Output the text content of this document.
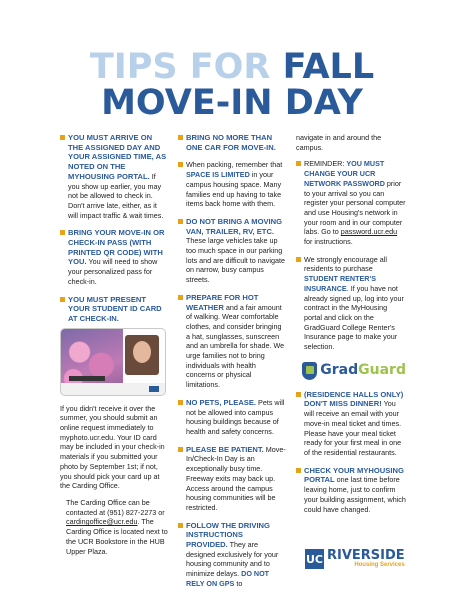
TIPS FOR FALL
MOVE-IN DAY
YOU MUST ARRIVE ON THE ASSIGNED DAY AND YOUR ASSIGNED TIME, AS NOTED ON THE MYHOUSING PORTAL. If you show up earlier, you may not be allowed to check in. Don't arrive late, either, as it will impact traffic & wait times.
BRING YOUR MOVE-IN OR CHECK-IN PASS (WITH PRINTED QR CODE) WITH YOU. You will need to show your personalized pass for check-in.
YOU MUST PRESENT YOUR STUDENT ID CARD AT CHECK-IN.

If you didn't receive it over the summer, you should submit an online request immediately to myphoto.ucr.edu. Your ID card may be included in your check-in materials if you submitted your photo by September 1st; if not, you should pick your card up at the Carding Office.

The Carding Office can be contacted at (951) 827-2273 or cardingoffice@ucr.edu. The Carding Office is located next to the UCR Bookstore in the HUB Upper Plaza.

BRING NO MORE THAN ONE CAR FOR MOVE-IN.
When packing, remember that SPACE IS LIMITED in your campus housing space. Many families end up having to take items back home with them.
DO NOT BRING A MOVING VAN, TRAILER, RV, ETC. These large vehicles take up too much space in our parking lots and are difficult to navigate on narrow, busy campus streets.
PREPARE FOR HOT WEATHER and a fair amount of walking. Wear comfortable clothes, and consider bringing a hat, sunglasses, sunscreen and an umbrella for shade. We urge families not to bring individuals with health concerns or physical limitations.
NO PETS, PLEASE. Pets will not be allowed into campus housing buildings because of health and safety concerns.
PLEASE BE PATIENT. Move-In/Check-In Day is an exceptionally busy time. Freeway exits may back up. Access around the campus housing communities will be restricted.
FOLLOW THE DRIVING INSTRUCTIONS PROVIDED. They are designed exclusively for your housing community and to minimize delays. DO NOT RELY ON GPS to

navigate in and around the campus.

REMINDER: YOU MUST CHANGE YOUR UCR NETWORK PASSWORD prior to your arrival so you can register your personal computer and use Housing's network in your room and in our computer labs. Go to password.ucr.edu for instructions.
We strongly encourage all residents to purchase STUDENT RENTER'S INSURANCE. If you have not already signed up, log into your contract in the MyHousing portal and click on the GradGuard College Renter's Insurance page to make your selection.
GradGuard
(RESIDENCE HALLS ONLY) DON'T MISS DINNER! You will receive an email with your move-in meal ticket and times. Please have your meal ticket ready for your first meal in one of the residential restaurants.
CHECK YOUR MYHOUSING PORTAL one last time before leaving home, just to confirm your building assignment, which could have changed.
UC RIVERSIDE
Housing Services
